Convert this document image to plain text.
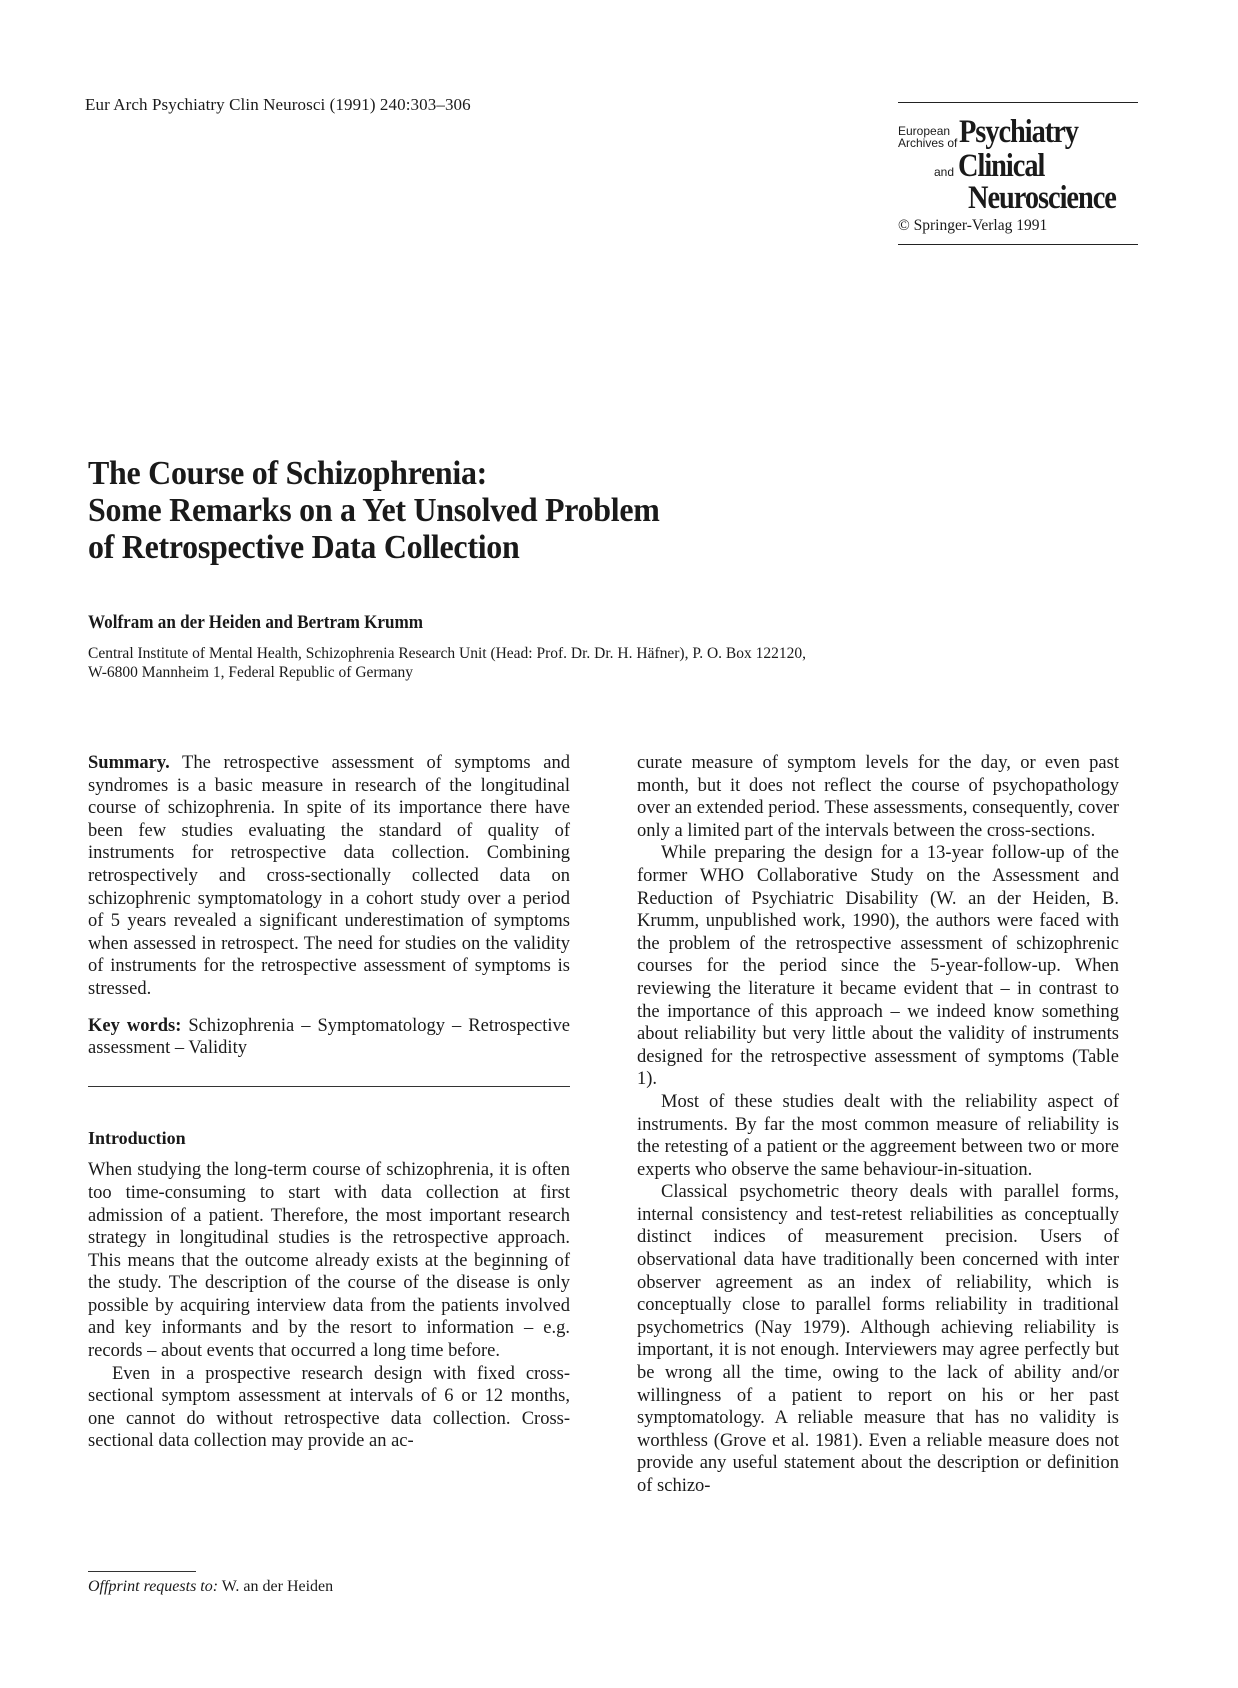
Eur Arch Psychiatry Clin Neurosci (1991) 240:303–306
European
Archives of Psychiatry
and Clinical
Neuroscience
© Springer-Verlag 1991
The Course of Schizophrenia:
Some Remarks on a Yet Unsolved Problem
of Retrospective Data Collection
Wolfram an der Heiden and Bertram Krumm
Central Institute of Mental Health, Schizophrenia Research Unit (Head: Prof. Dr. Dr. H. Häfner), P. O. Box 122120,
W-6800 Mannheim 1, Federal Republic of Germany

Summary. The retrospective assessment of symptoms and syndromes is a basic measure in research of the longitudinal course of schizophrenia. In spite of its importance there have been few studies evaluating the standard of quality of instruments for retrospective data collection. Combining retrospectively and cross-sectionally collected data on schizophrenic symptomatology in a cohort study over a period of 5 years revealed a significant underestimation of symptoms when assessed in retrospect. The need for studies on the validity of instruments for the retrospective assessment of symptoms is stressed.

Key words: Schizophrenia – Symptomatology – Retrospective assessment – Validity

Introduction

When studying the long-term course of schizophrenia, it is often too time-consuming to start with data collection at first admission of a patient. Therefore, the most important research strategy in longitudinal studies is the retrospective approach. This means that the outcome already exists at the beginning of the study. The description of the course of the disease is only possible by acquiring interview data from the patients involved and key informants and by the resort to information – e.g. records – about events that occurred a long time before.

Even in a prospective research design with fixed cross-sectional symptom assessment at intervals of 6 or 12 months, one cannot do without retrospective data collection. Cross-sectional data collection may provide an ac-

curate measure of symptom levels for the day, or even past month, but it does not reflect the course of psychopathology over an extended period. These assessments, consequently, cover only a limited part of the intervals between the cross-sections.

While preparing the design for a 13-year follow-up of the former WHO Collaborative Study on the Assessment and Reduction of Psychiatric Disability (W. an der Heiden, B. Krumm, unpublished work, 1990), the authors were faced with the problem of the retrospective assessment of schizophrenic courses for the period since the 5-year-follow-up. When reviewing the literature it became evident that – in contrast to the importance of this approach – we indeed know something about reliability but very little about the validity of instruments designed for the retrospective assessment of symptoms (Table 1).

Most of these studies dealt with the reliability aspect of instruments. By far the most common measure of reliability is the retesting of a patient or the aggreement between two or more experts who observe the same behaviour-in-situation.

Classical psychometric theory deals with parallel forms, internal consistency and test-retest reliabilities as conceptually distinct indices of measurement precision. Users of observational data have traditionally been concerned with inter observer agreement as an index of reliability, which is conceptually close to parallel forms reliability in traditional psychometrics (Nay 1979). Although achieving reliability is important, it is not enough. Interviewers may agree perfectly but be wrong all the time, owing to the lack of ability and/or willingness of a patient to report on his or her past symptomatology. A reliable measure that has no validity is worthless (Grove et al. 1981). Even a reliable measure does not provide any useful statement about the description or definition of schizo-

Offprint requests to: W. an der Heiden
